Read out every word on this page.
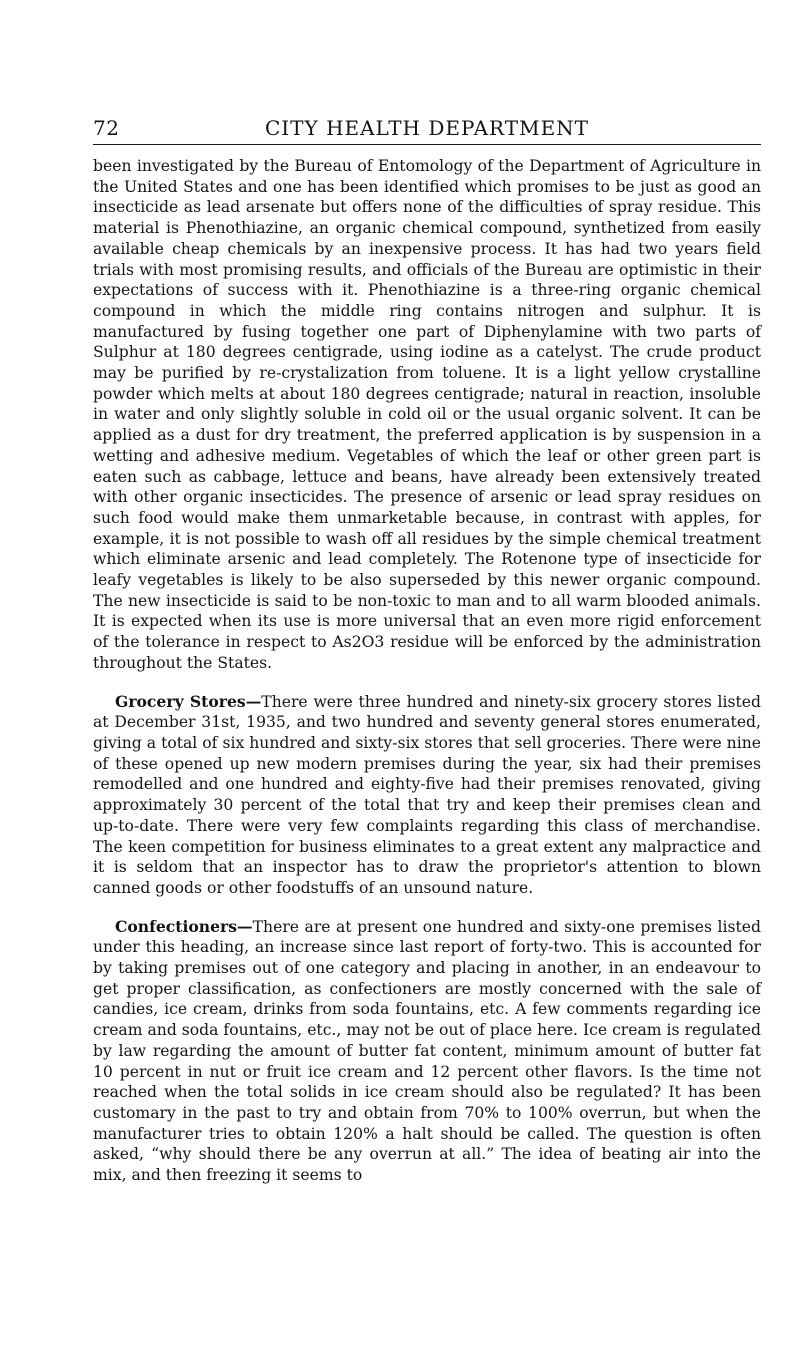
72	CITY HEALTH DEPARTMENT

been investigated by the Bureau of Entomology of the Department of Agriculture in the United States and one has been identified which promises to be just as good an insecticide as lead arsenate but offers none of the difficulties of spray residue. This material is Phenothiazine, an organic chemical compound, synthetized from easily available cheap chemicals by an inexpensive process. It has had two years field trials with most promising results, and officials of the Bureau are optimistic in their expectations of success with it. Phenothiazine is a three-ring organic chemical compound in which the middle ring contains nitrogen and sulphur. It is manufactured by fusing together one part of Diphenylamine with two parts of Sulphur at 180 degrees centigrade, using iodine as a catelyst. The crude product may be purified by re-crystalization from toluene. It is a light yellow crystalline powder which melts at about 180 degrees centigrade; natural in reaction, insoluble in water and only slightly soluble in cold oil or the usual organic solvent. It can be applied as a dust for dry treatment, the preferred application is by suspension in a wetting and adhesive medium. Vegetables of which the leaf or other green part is eaten such as cabbage, lettuce and beans, have already been extensively treated with other organic insecticides. The presence of arsenic or lead spray residues on such food would make them unmarketable because, in contrast with apples, for example, it is not possible to wash off all residues by the simple chemical treatment which eliminate arsenic and lead completely. The Rotenone type of insecticide for leafy vegetables is likely to be also superseded by this newer organic compound. The new insecticide is said to be non-toxic to man and to all warm blooded animals. It is expected when its use is more universal that an even more rigid enforcement of the tolerance in respect to As2O3 residue will be enforced by the administration throughout the States.

Grocery Stores—There were three hundred and ninety-six grocery stores listed at December 31st, 1935, and two hundred and seventy general stores enumerated, giving a total of six hundred and sixty-six stores that sell groceries. There were nine of these opened up new modern premises during the year, six had their premises remodelled and one hundred and eighty-five had their premises renovated, giving approximately 30 percent of the total that try and keep their premises clean and up-to-date. There were very few complaints regarding this class of merchandise. The keen competition for business eliminates to a great extent any malpractice and it is seldom that an inspector has to draw the proprietor's attention to blown canned goods or other foodstuffs of an unsound nature.

Confectioners—There are at present one hundred and sixty-one premises listed under this heading, an increase since last report of forty-two. This is accounted for by taking premises out of one category and placing in another, in an endeavour to get proper classification, as confectioners are mostly concerned with the sale of candies, ice cream, drinks from soda fountains, etc. A few comments regarding ice cream and soda fountains, etc., may not be out of place here. Ice cream is regulated by law regarding the amount of butter fat content, minimum amount of butter fat 10 percent in nut or fruit ice cream and 12 percent other flavors. Is the time not reached when the total solids in ice cream should also be regulated? It has been customary in the past to try and obtain from 70% to 100% overrun, but when the manufacturer tries to obtain 120% a halt should be called. The question is often asked, “why should there be any overrun at all.” The idea of beating air into the mix, and then freezing it seems to
